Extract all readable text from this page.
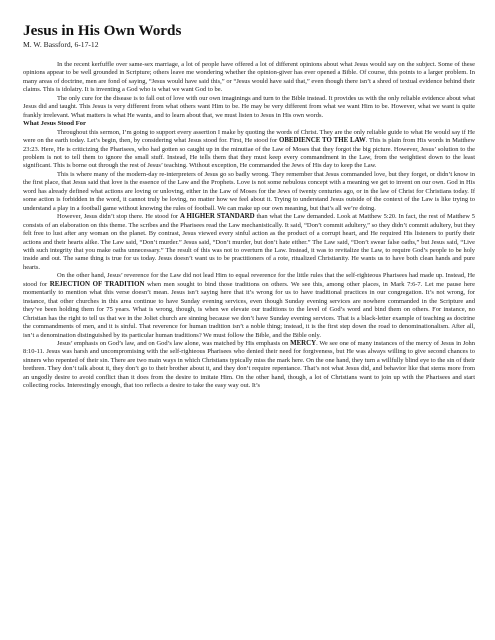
Jesus in His Own Words
M. W. Bassford, 6-17-12

In the recent kerfuffle over same-sex marriage, a lot of people have offered a lot of different opinions about what Jesus would say on the subject. Some of these opinions appear to be well grounded in Scripture; others leave me wondering whether the opinion-giver has ever opened a Bible. Of course, this points to a larger problem. In many areas of doctrine, men are fond of saying, “Jesus would have said this,” or “Jesus would have said that,” even though there isn’t a shred of textual evidence behind their claims. This is idolatry. It is inventing a God who is what we want God to be.

The only cure for the disease is to fall out of love with our own imaginings and turn to the Bible instead. It provides us with the only reliable evidence about what Jesus did and taught. This Jesus is very different from what others want Him to be. He may be very different from what we want Him to be. However, what we want is quite frankly irrelevant. What matters is what He wants, and to learn about that, we must listen to Jesus in His own words.

What Jesus Stood For

Throughout this sermon, I’m going to support every assertion I make by quoting the words of Christ. They are the only reliable guide to what He would say if He were on the earth today. Let’s begin, then, by considering what Jesus stood for. First, He stood for OBEDIENCE TO THE LAW. This is plain from His words in Matthew 23:23. Here, He is criticizing the Pharisees, who had gotten so caught up in the minutiae of the Law of Moses that they forgot the big picture. However, Jesus’ solution to the problem is not to tell them to ignore the small stuff. Instead, He tells them that they must keep every commandment in the Law, from the weightiest down to the least significant. This is borne out through the rest of Jesus’ teaching. Without exception, He commanded the Jews of His day to keep the Law.

This is where many of the modern-day re-interpreters of Jesus go so badly wrong. They remember that Jesus commanded love, but they forget, or didn’t know in the first place, that Jesus said that love is the essence of the Law and the Prophets. Love is not some nebulous concept with a meaning we get to invent on our own. God in His word has already defined what actions are loving or unloving, either in the Law of Moses for the Jews of twenty centuries ago, or in the law of Christ for Christians today. If some action is forbidden in the word, it cannot truly be loving, no matter how we feel about it. Trying to understand Jesus outside of the context of the Law is like trying to understand a play in a football game without knowing the rules of football. We can make up our own meaning, but that’s all we’re doing.

However, Jesus didn’t stop there. He stood for A HIGHER STANDARD than what the Law demanded. Look at Matthew 5:20. In fact, the rest of Matthew 5 consists of an elaboration on this theme. The scribes and the Pharisees read the Law mechanistically. It said, “Don’t commit adultery,” so they didn’t commit adultery, but they felt free to lust after any woman on the planet. By contrast, Jesus viewed every sinful action as the product of a corrupt heart, and He required His listeners to purify their actions and their hearts alike. The Law said, “Don’t murder.” Jesus said, “Don’t murder, but don’t hate either.” The Law said, “Don’t swear false oaths,” but Jesus said, “Live with such integrity that you make oaths unnecessary.” The result of this was not to overturn the Law. Instead, it was to revitalize the Law, to require God’s people to be holy inside and out. The same thing is true for us today. Jesus doesn’t want us to be practitioners of a rote, ritualized Christianity. He wants us to have both clean hands and pure hearts.

On the other hand, Jesus’ reverence for the Law did not lead Him to equal reverence for the little rules that the self-righteous Pharisees had made up. Instead, He stood for REJECTION OF TRADITION when men sought to bind those traditions on others. We see this, among other places, in Mark 7:6-7. Let me pause here momentarily to mention what this verse doesn’t mean. Jesus isn’t saying here that it’s wrong for us to have traditional practices in our congregation. It’s not wrong, for instance, that other churches in this area continue to have Sunday evening services, even though Sunday evening services are nowhere commanded in the Scripture and they’ve been holding them for 75 years. What is wrong, though, is when we elevate our traditions to the level of God’s word and bind them on others. For instance, no Christian has the right to tell us that we in the Joliet church are sinning because we don’t have Sunday evening services. That is a black-letter example of teaching as doctrine the commandments of men, and it is sinful. That reverence for human tradition isn’t a noble thing; instead, it is the first step down the road to denominationalism. After all, isn’t a denomination distinguished by its particular human traditions? We must follow the Bible, and the Bible only.

Jesus’ emphasis on God’s law, and on God’s law alone, was matched by His emphasis on MERCY. We see one of many instances of the mercy of Jesus in John 8:10-11. Jesus was harsh and uncompromising with the self-righteous Pharisees who denied their need for forgiveness, but He was always willing to give second chances to sinners who repented of their sin. There are two main ways in which Christians typically miss the mark here. On the one hand, they turn a willfully blind eye to the sin of their brethren. They don’t talk about it, they don’t go to their brother about it, and they don’t require repentance. That’s not what Jesus did, and behavior like that stems more from an ungodly desire to avoid conflict than it does from the desire to imitate Him. On the other hand, though, a lot of Christians want to join up with the Pharisees and start collecting rocks. Interestingly enough, that too reflects a desire to take the easy way out. It’s
